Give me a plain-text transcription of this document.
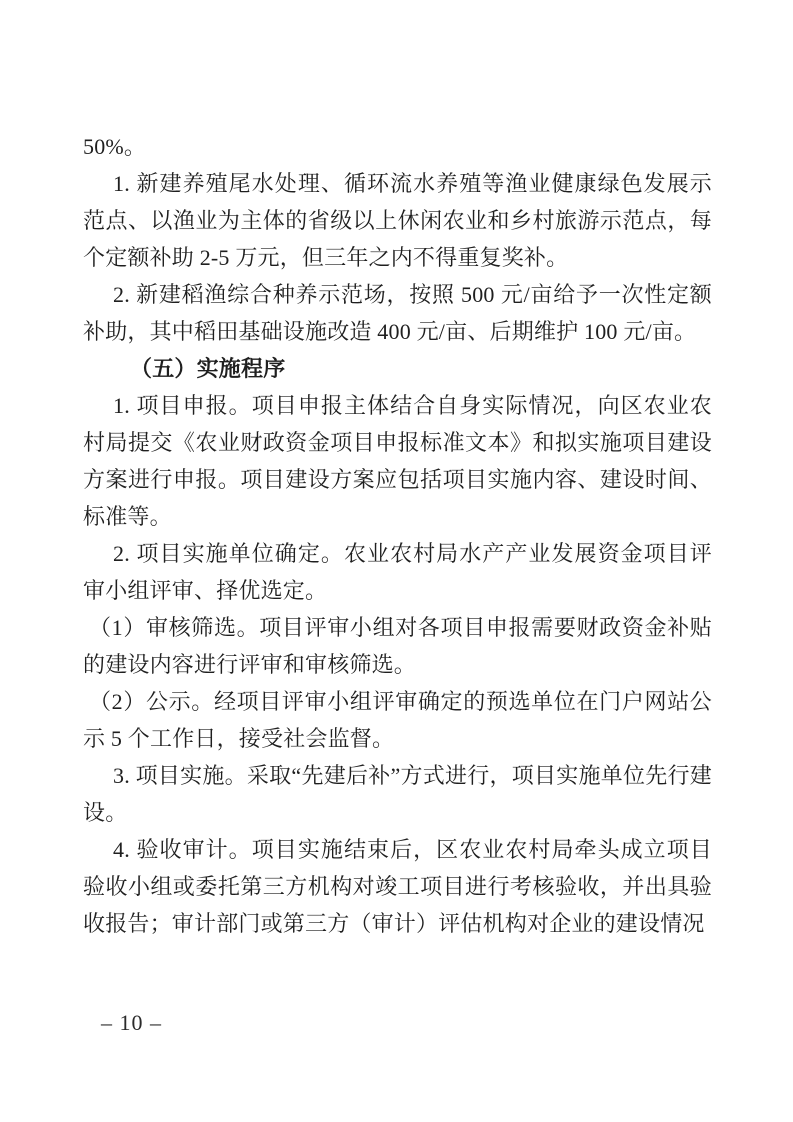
50%。

1. 新建养殖尾水处理、循环流水养殖等渔业健康绿色发展示范点、以渔业为主体的省级以上休闲农业和乡村旅游示范点，每个定额补助 2-5 万元，但三年之内不得重复奖补。

2. 新建稻渔综合种养示范场，按照 500 元/亩给予一次性定额补助，其中稻田基础设施改造 400 元/亩、后期维护 100 元/亩。

（五）实施程序

1. 项目申报。项目申报主体结合自身实际情况，向区农业农村局提交《农业财政资金项目申报标准文本》和拟实施项目建设方案进行申报。项目建设方案应包括项目实施内容、建设时间、标准等。

2. 项目实施单位确定。农业农村局水产产业发展资金项目评审小组评审、择优选定。

（1）审核筛选。项目评审小组对各项目申报需要财政资金补贴的建设内容进行评审和审核筛选。

（2）公示。经项目评审小组评审确定的预选单位在门户网站公示 5 个工作日，接受社会监督。

3. 项目实施。采取“先建后补”方式进行，项目实施单位先行建设。

4. 验收审计。项目实施结束后，区农业农村局牵头成立项目验收小组或委托第三方机构对竣工项目进行考核验收，并出具验收报告；审计部门或第三方（审计）评估机构对企业的建设情况

– 10 –
